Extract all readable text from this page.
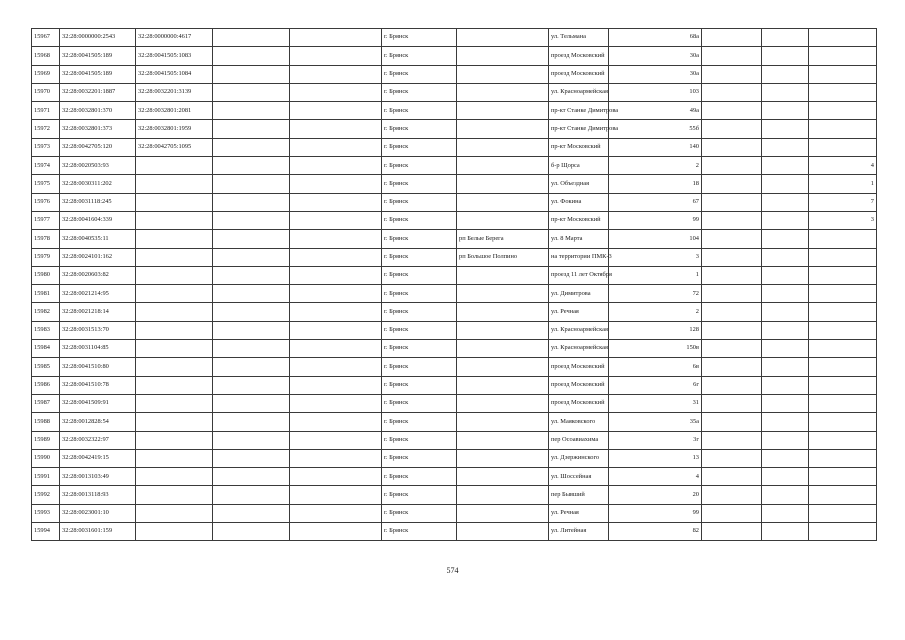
15967	32:28:0000000:2543	32:28:0000000:4617			г. Брянск		ул. Тельмана	68а			
15968	32:28:0041505:189	32:28:0041505:1083			г. Брянск		проезд Московский	30а			
15969	32:28:0041505:189	32:28:0041505:1084			г. Брянск		проезд Московский	30а			
15970	32:28:0032201:1887	32:28:0032201:3139			г. Брянск		ул. Красноармейская	103			
15971	32:28:0032801:370	32:28:0032801:2081			г. Брянск		пр-кт Станке Димитрова	49а			
15972	32:28:0032801:373	32:28:0032801:1959			г. Брянск		пр-кт Станке Димитрова	55б			
15973	32:28:0042705:120	32:28:0042705:1095			г. Брянск		пр-кт Московский	140			
15974	32:28:0020503:93				г. Брянск		б-р Щорса	2			4
15975	32:28:0030311:202				г. Брянск		ул. Объездная	18			1
15976	32:28:0031118:245				г. Брянск		ул. Фокина	67			7
15977	32:28:0041604:339				г. Брянск		пр-кт Московский	99			3
15978	32:28:0040535:11				г. Брянск	рп Белые Берега	ул. 8 Марта	104			
15979	32:28:0024101:162				г. Брянск	рп Большое Полпино	на территории ПМК-3	3			
15980	32:28:0020603:82				г. Брянск		проезд 11 лет Октября	1			
15981	32:28:0021214:95				г. Брянск		ул. Димитрова	72			
15982	32:28:0021218:14				г. Брянск		ул. Речная	2			
15983	32:28:0031513:70				г. Брянск		ул. Красноармейская	128			
15984	32:28:0031104:85				г. Брянск		ул. Красноармейская	150в			
15985	32:28:0041510:80				г. Брянск		проезд Московский	6в			
15986	32:28:0041510:78				г. Брянск		проезд Московский	6г			
15987	32:28:0041509:91				г. Брянск		проезд Московский	31			
15988	32:28:0012828:54				г. Брянск		ул. Маяковского	35а			
15989	32:28:0032322:97				г. Брянск		пер Осоавиахима	3г			
15990	32:28:0042419:15				г. Брянск		ул. Дзержинского	13			
15991	32:28:0013103:49				г. Брянск		ул. Шоссейная	4			
15992	32:28:0013118:93				г. Брянск		пер Бывший	20			
15993	32:28:0023001:10				г. Брянск		ул. Речная	99			
15994	32:28:0031601:159				г. Брянск		ул. Литейная	82			
574
